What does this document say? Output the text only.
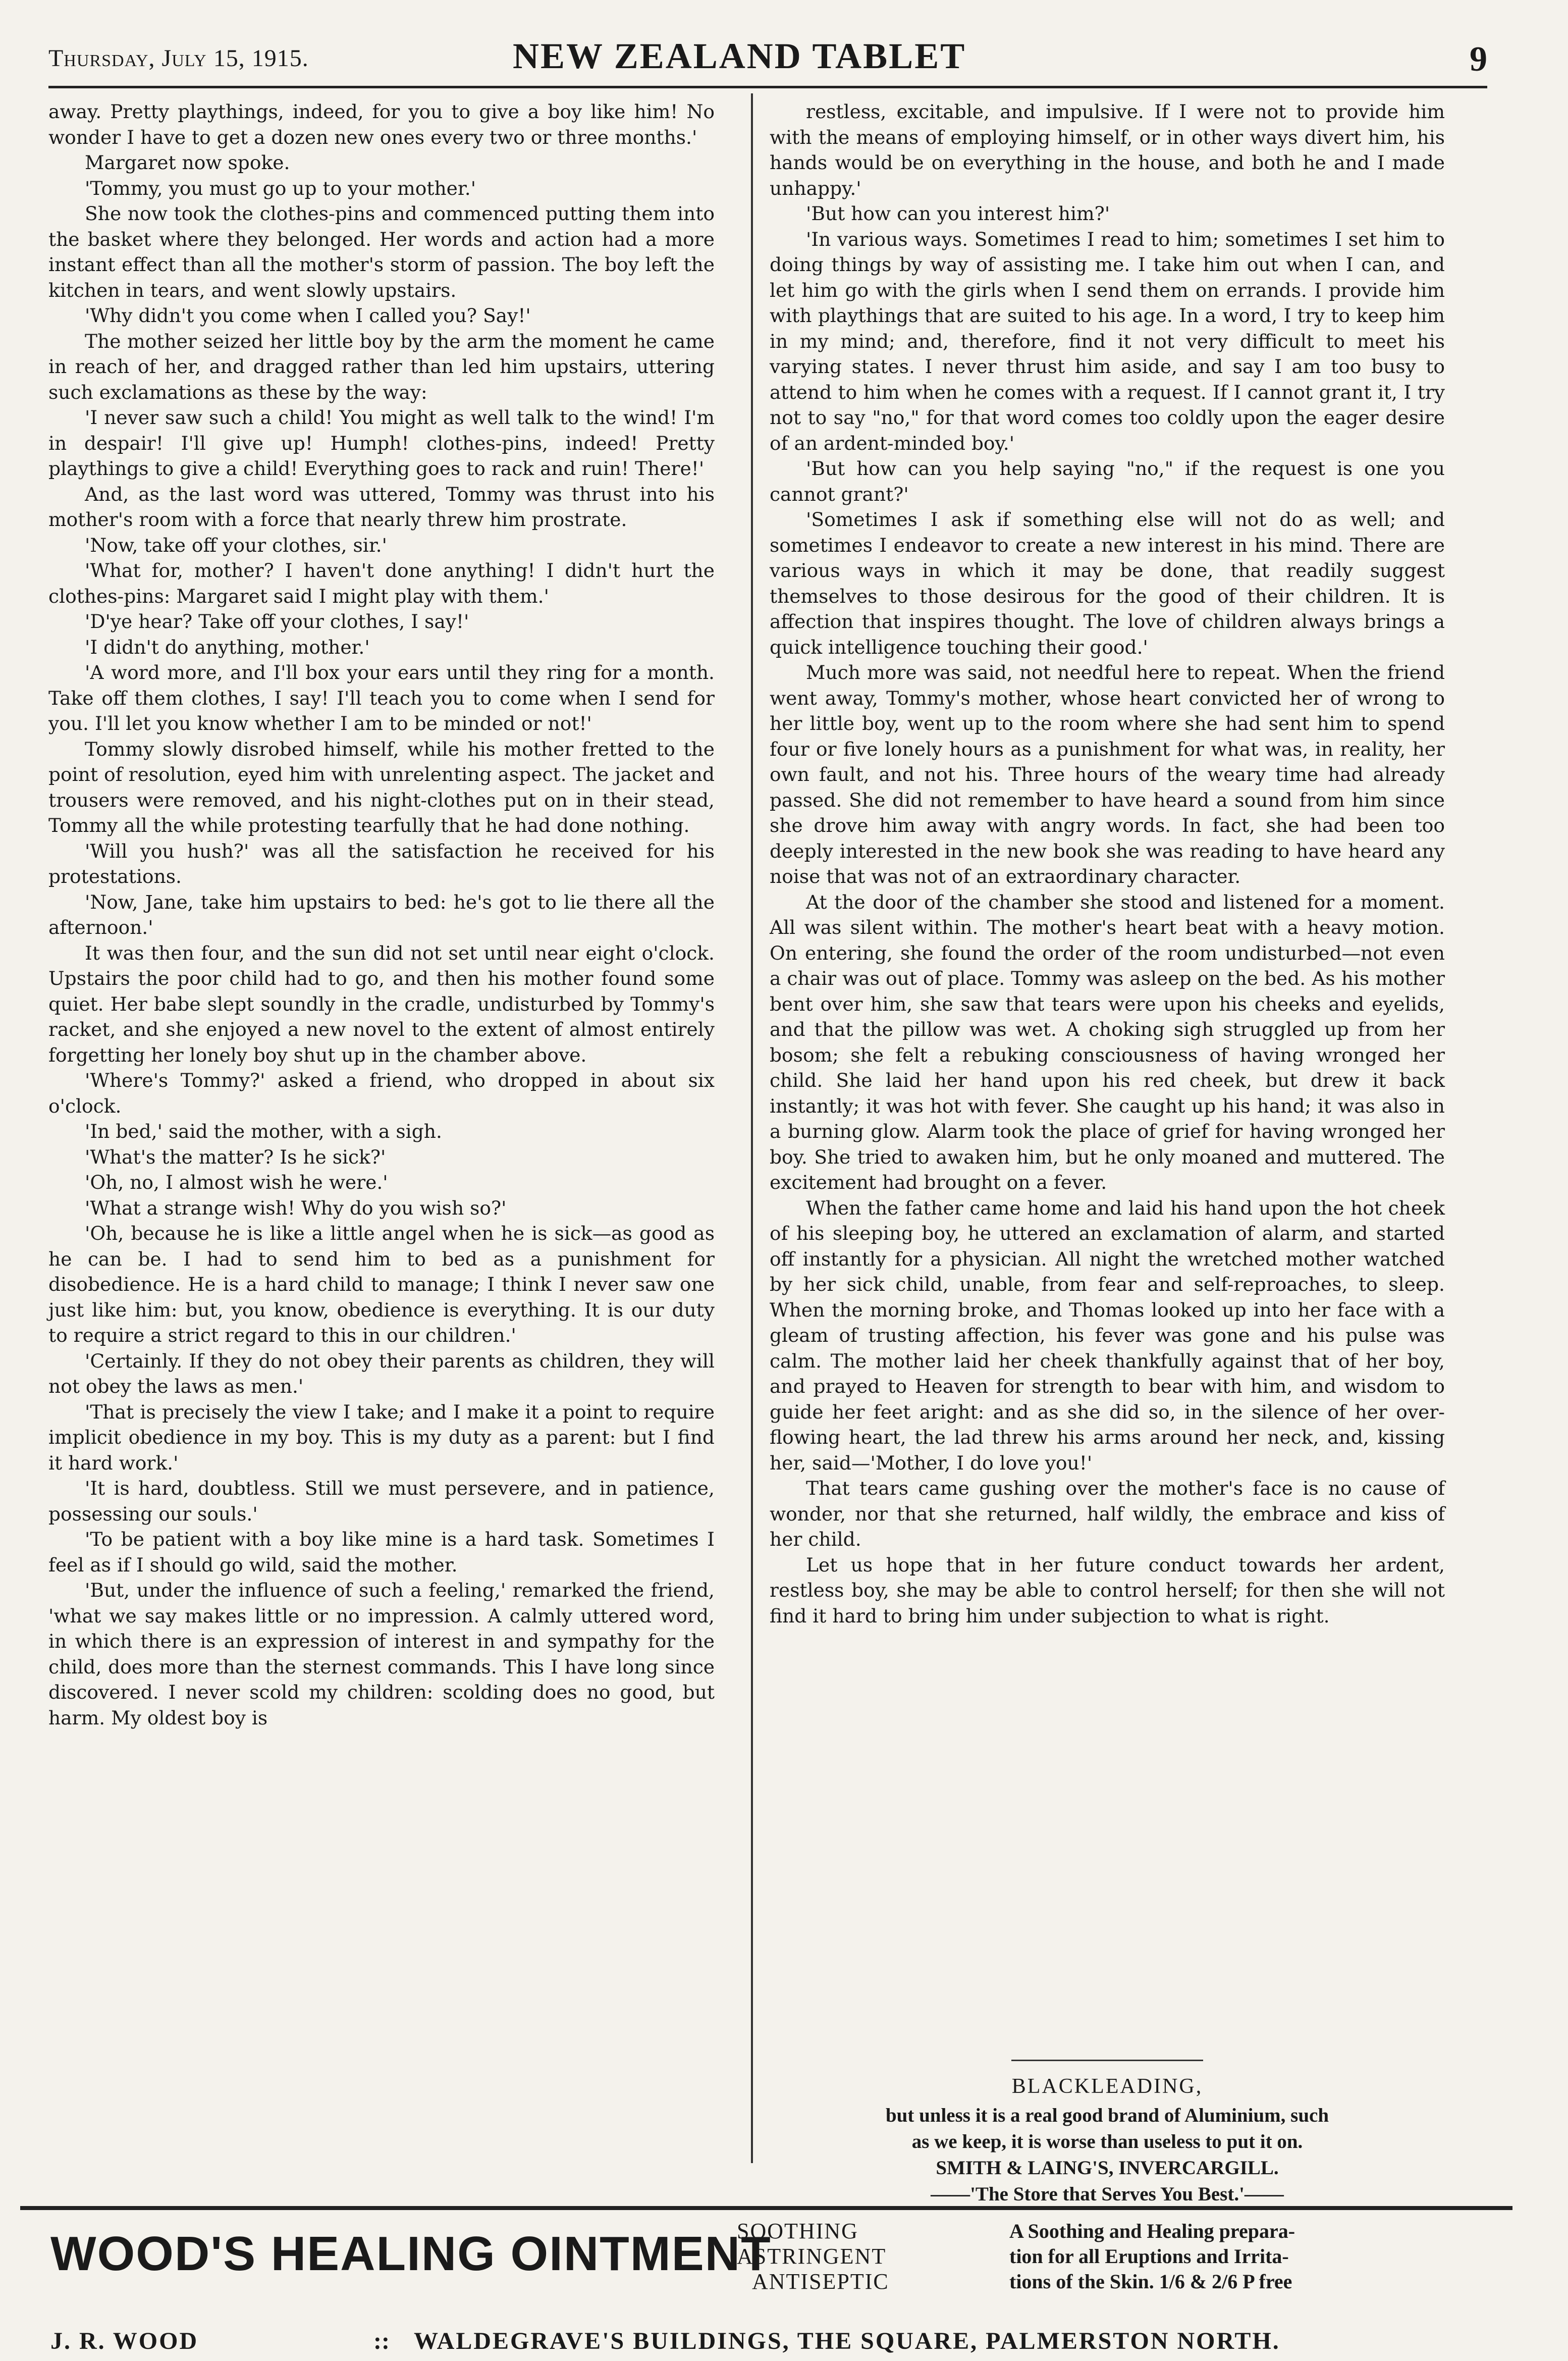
Thursday, July 15, 1915.	NEW ZEALAND TABLET	9

away. Pretty playthings, indeed, for you to give a boy like him! No wonder I have to get a dozen new ones every two or three months.'

Margaret now spoke.

'Tommy, you must go up to your mother.'

She now took the clothes-pins and commenced putting them into the basket where they belonged. Her words and action had a more instant effect than all the mother's storm of passion. The boy left the kitchen in tears, and went slowly upstairs.

'Why didn't you come when I called you? Say!'

The mother seized her little boy by the arm the moment he came in reach of her, and dragged rather than led him upstairs, uttering such exclamations as these by the way:

'I never saw such a child! You might as well talk to the wind! I'm in despair! I'll give up! Humph! clothes-pins, indeed! Pretty playthings to give a child! Everything goes to rack and ruin! There!'

And, as the last word was uttered, Tommy was thrust into his mother's room with a force that nearly threw him prostrate.

'Now, take off your clothes, sir.'

'What for, mother? I haven't done anything! I didn't hurt the clothes-pins: Margaret said I might play with them.'

'D'ye hear? Take off your clothes, I say!'

'I didn't do anything, mother.'

'A word more, and I'll box your ears until they ring for a month. Take off them clothes, I say! I'll teach you to come when I send for you. I'll let you know whether I am to be minded or not!'

Tommy slowly disrobed himself, while his mother fretted to the point of resolution, eyed him with unrelenting aspect. The jacket and trousers were removed, and his night-clothes put on in their stead, Tommy all the while protesting tearfully that he had done nothing.

'Will you hush?' was all the satisfaction he received for his protestations.

'Now, Jane, take him upstairs to bed: he's got to lie there all the afternoon.'

It was then four, and the sun did not set until near eight o'clock. Upstairs the poor child had to go, and then his mother found some quiet. Her babe slept soundly in the cradle, undisturbed by Tommy's racket, and she enjoyed a new novel to the extent of almost entirely forgetting her lonely boy shut up in the chamber above.

'Where's Tommy?' asked a friend, who dropped in about six o'clock.

'In bed,' said the mother, with a sigh.

'What's the matter? Is he sick?'

'Oh, no, I almost wish he were.'

'What a strange wish! Why do you wish so?'

'Oh, because he is like a little angel when he is sick—as good as he can be. I had to send him to bed as a punishment for disobedience. He is a hard child to manage; I think I never saw one just like him: but, you know, obedience is everything. It is our duty to require a strict regard to this in our children.'

'Certainly. If they do not obey their parents as children, they will not obey the laws as men.'

'That is precisely the view I take; and I make it a point to require implicit obedience in my boy. This is my duty as a parent: but I find it hard work.'

'It is hard, doubtless. Still we must persevere, and in patience, possessing our souls.'

'To be patient with a boy like mine is a hard task. Sometimes I feel as if I should go wild, said the mother.

'But, under the influence of such a feeling,' remarked the friend, 'what we say makes little or no impression. A calmly uttered word, in which there is an expression of interest in and sympathy for the child, does more than the sternest commands. This I have long since discovered. I never scold my children: scolding does no good, but harm. My oldest boy is

restless, excitable, and impulsive. If I were not to provide him with the means of employing himself, or in other ways divert him, his hands would be on everything in the house, and both he and I made unhappy.'

'But how can you interest him?'

'In various ways. Sometimes I read to him; sometimes I set him to doing things by way of assisting me. I take him out when I can, and let him go with the girls when I send them on errands. I provide him with playthings that are suited to his age. In a word, I try to keep him in my mind; and, therefore, find it not very difficult to meet his varying states. I never thrust him aside, and say I am too busy to attend to him when he comes with a request. If I cannot grant it, I try not to say "no," for that word comes too coldly upon the eager desire of an ardent-minded boy.'

'But how can you help saying "no," if the request is one you cannot grant?'

'Sometimes I ask if something else will not do as well; and sometimes I endeavor to create a new interest in his mind. There are various ways in which it may be done, that readily suggest themselves to those desirous for the good of their children. It is affection that inspires thought. The love of children always brings a quick intelligence touching their good.'

Much more was said, not needful here to repeat. When the friend went away, Tommy's mother, whose heart convicted her of wrong to her little boy, went up to the room where she had sent him to spend four or five lonely hours as a punishment for what was, in reality, her own fault, and not his. Three hours of the weary time had already passed. She did not remember to have heard a sound from him since she drove him away with angry words. In fact, she had been too deeply interested in the new book she was reading to have heard any noise that was not of an extraordinary character.

At the door of the chamber she stood and listened for a moment. All was silent within. The mother's heart beat with a heavy motion. On entering, she found the order of the room undisturbed—not even a chair was out of place. Tommy was asleep on the bed. As his mother bent over him, she saw that tears were upon his cheeks and eyelids, and that the pillow was wet. A choking sigh struggled up from her bosom; she felt a rebuking consciousness of having wronged her child. She laid her hand upon his red cheek, but drew it back instantly; it was hot with fever. She caught up his hand; it was also in a burning glow. Alarm took the place of grief for having wronged her boy. She tried to awaken him, but he only moaned and muttered. The excitement had brought on a fever.

When the father came home and laid his hand upon the hot cheek of his sleeping boy, he uttered an exclamation of alarm, and started off instantly for a physician. All night the wretched mother watched by her sick child, unable, from fear and self-reproaches, to sleep. When the morning broke, and Thomas looked up into her face with a gleam of trusting affection, his fever was gone and his pulse was calm. The mother laid her cheek thankfully against that of her boy, and prayed to Heaven for strength to bear with him, and wisdom to guide her feet aright: and as she did so, in the silence of her over-flowing heart, the lad threw his arms around her neck, and, kissing her, said—'Mother, I do love you!'

That tears came gushing over the mother's face is no cause of wonder, nor that she returned, half wildly, the embrace and kiss of her child.

Let us hope that in her future conduct towards her ardent, restless boy, she may be able to control herself; for then she will not find it hard to bring him under subjection to what is right.

BLACKLEADING,
but unless it is a real good brand of Aluminium, such
as we keep, it is worse than useless to put it on.
SMITH & LAING'S, INVERCARGILL.
——'The Store that Serves You Best.'——
WOOD'S HEALING OINTMENT
SOOTHING
ASTRINGENT
ANTISEPTIC
A Soothing and Healing prepara-
tion for all Eruptions and Irrita-
tions of the Skin. 1/6 & 2/6 P free
J. R. WOOD	:: WALDEGRAVE'S BUILDINGS, THE SQUARE, PALMERSTON NORTH.
